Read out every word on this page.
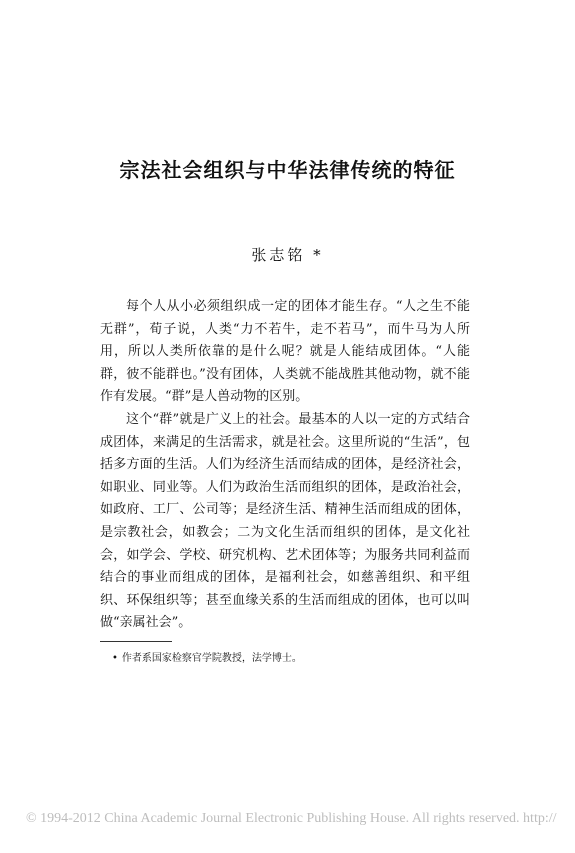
宗法社会组织与中华法律传统的特征
张志铭 *

每个人从小必须组织成一定的团体才能生存。“人之生不能无群”，荀子说，人类“力不若牛，走不若马”，而牛马为人所用，所以人类所依靠的是什么呢？就是人能结成团体。“人能群，彼不能群也。”没有团体，人类就不能战胜其他动物，就不能作有发展。“群”是人兽动物的区别。

这个“群”就是广义上的社会。最基本的人以一定的方式结合成团体，来满足的生活需求，就是社会。这里所说的“生活”，包括多方面的生活。人们为经济生活而结成的团体，是经济社会，如职业、同业等。人们为政治生活而组织的团体，是政治社会，如政府、工厂、公司等；是经济生活、精神生活而组成的团体，是宗教社会，如教会；二为文化生活而组织的团体，是文化社会，如学会、学校、研究机构、艺术团体等；为服务共同利益而结合的事业而组成的团体，是福利社会，如慈善组织、和平组织、环保组织等；甚至血缘关系的生活而组成的团体，也可以叫做“亲属社会”。

• 作者系国家检察官学院教授，法学博士。
© 1994-2012 China Academic Journal Electronic Publishing House. All rights reserved. http://
